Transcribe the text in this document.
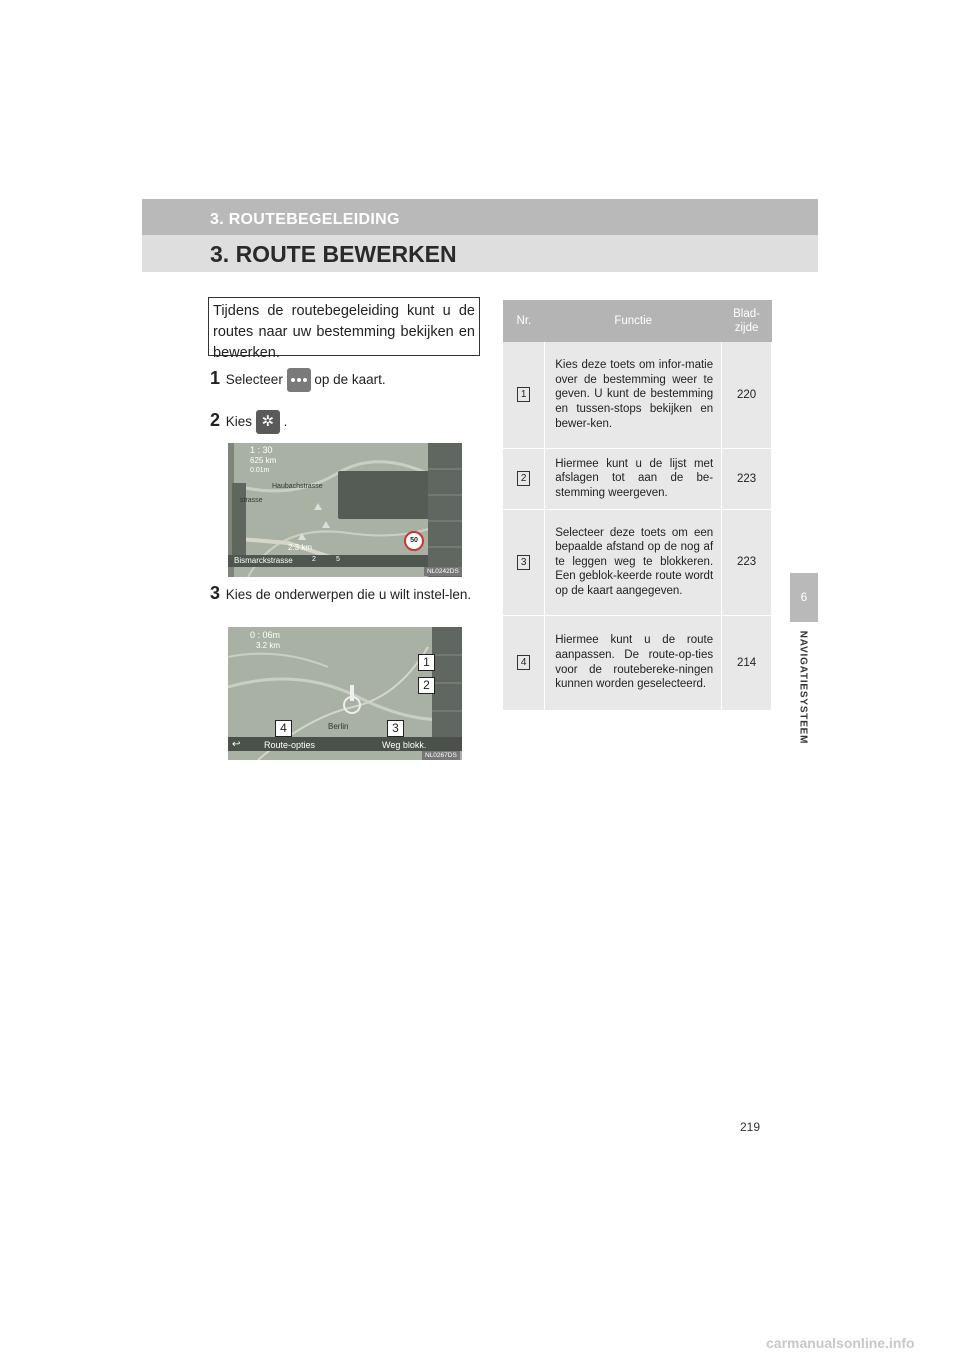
3. ROUTEBEGELEIDING
3. ROUTE BEWERKEN
6
NAVIGATIESYSTEEM
Tijdens de routebegeleiding kunt u de routes naar uw bestemming bekijken en bewerken.
1 Selecteer op de kaart.
2 Kies ✲ .
1 : 30
625 km
0.01m
Haubachstrasse
strasse
2.3 km
Bismarckstrasse
50
2	5
NL0242DS
3 Kies de onderwerpen die u wilt instel-len.
0 : 06m
3.2 km
Berlin
Route-opties
↩	Weg blokk.
1
2
3
4
NL0267DS
Nr.	Functie	Blad-
zijde
1	Kies deze toets om infor-matie over de bestemming weer te geven. U kunt de bestemming en tussen-stops bekijken en bewer-ken.	220
2	Hiermee kunt u de lijst met afslagen tot aan de be-stemming weergeven.	223
3	Selecteer deze toets om een bepaalde afstand op de nog af te leggen weg te blokkeren. Een geblok-keerde route wordt op de kaart aangegeven.	223
4	Hiermee kunt u de route aanpassen. De route-op-ties voor de routebereke-ningen kunnen worden geselecteerd.	214
219
carmanualsonline.info
